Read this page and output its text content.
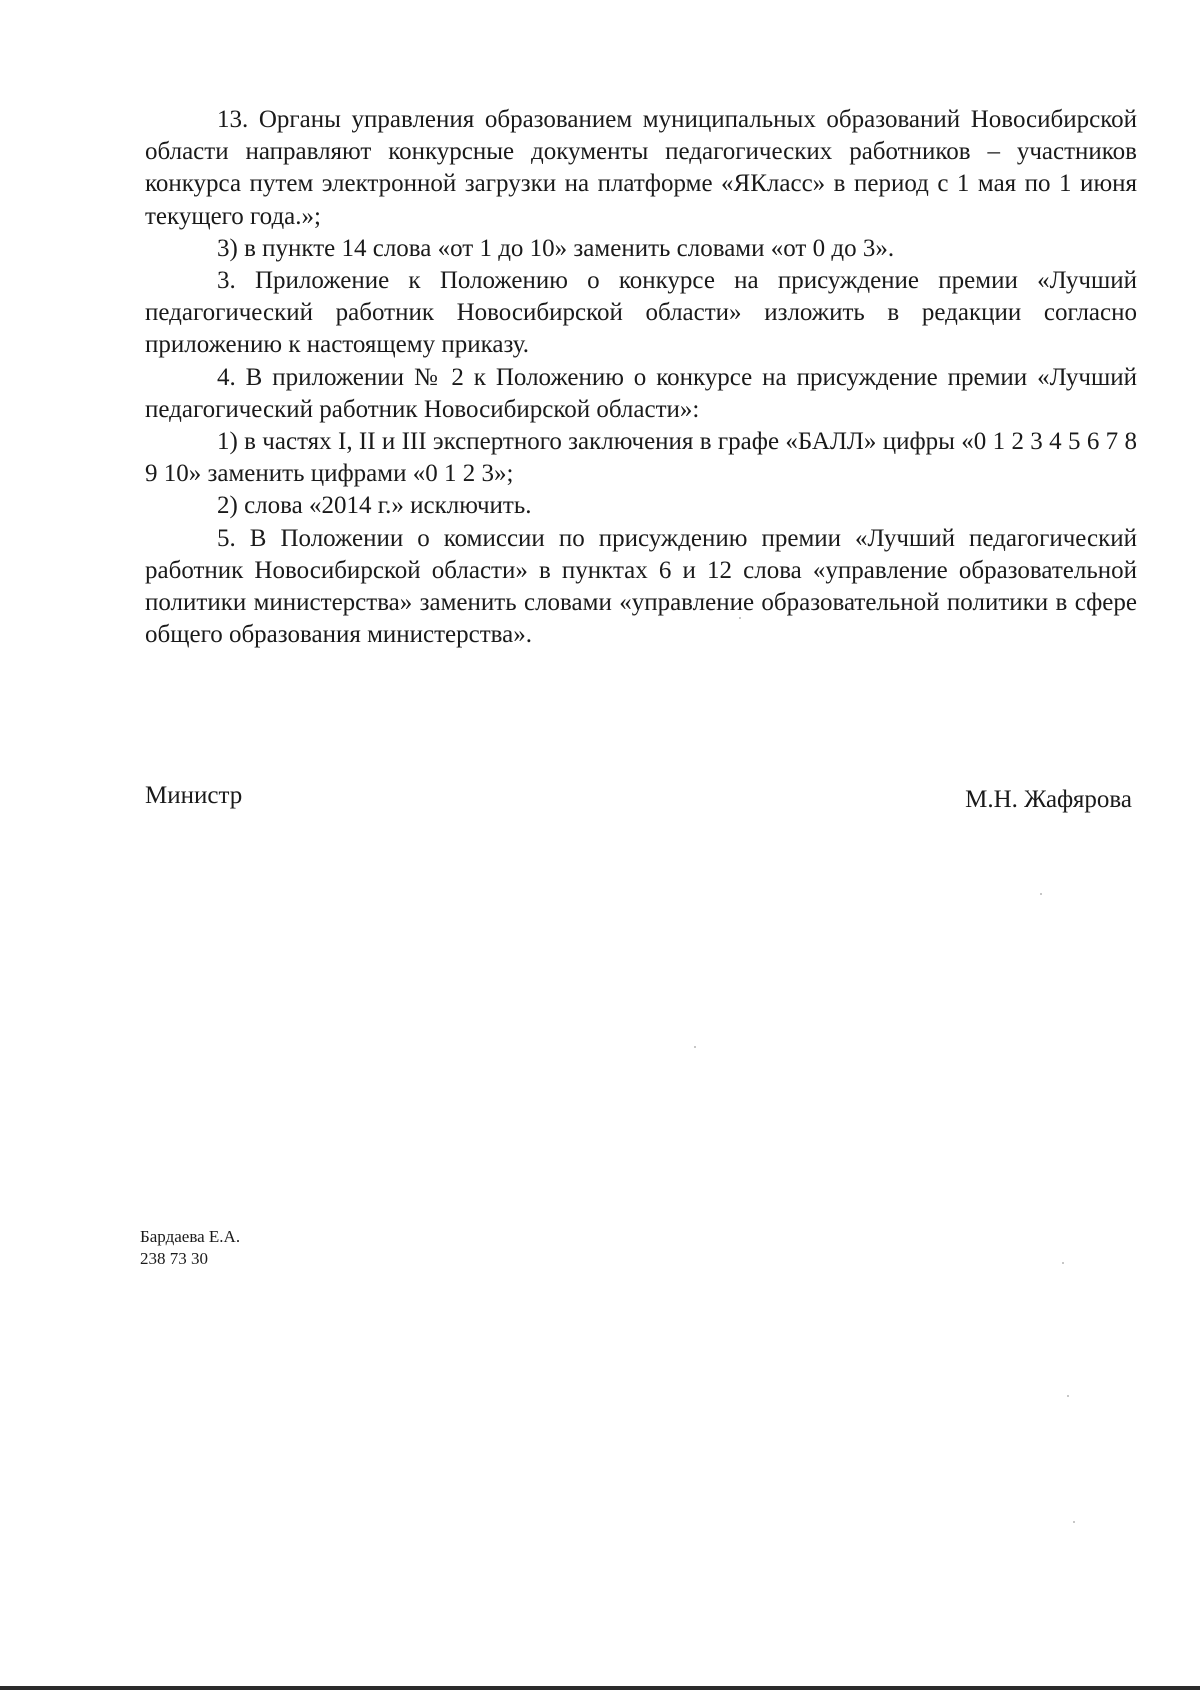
13. Органы управления образованием муниципальных образований Новосибирской области направляют конкурсные документы педагогических работников – участников конкурса путем электронной загрузки на платформе «ЯКласс» в период с 1 мая по 1 июня текущего года.»;

3) в пункте 14 слова «от 1 до 10» заменить словами «от 0 до 3».

3. Приложение к Положению о конкурсе на присуждение премии «Лучший педагогический работник Новосибирской области» изложить в редакции согласно приложению к настоящему приказу.

4. В приложении № 2 к Положению о конкурсе на присуждение премии «Лучший педагогический работник Новосибирской области»:

1) в частях I, II и III экспертного заключения в графе «БАЛЛ» цифры «0 1 2 3 4 5 6 7 8 9 10» заменить цифрами «0 1 2 3»;

2) слова «2014 г.» исключить.

5. В Положении о комиссии по присуждению премии «Лучший педагогический работник Новосибирской области» в пунктах 6 и 12 слова «управление образовательной политики министерства» заменить словами «управление образовательной политики в сфере общего образования министерства».

Министр	М.Н. Жафярова

Бардаева Е.А.
238 73 30
